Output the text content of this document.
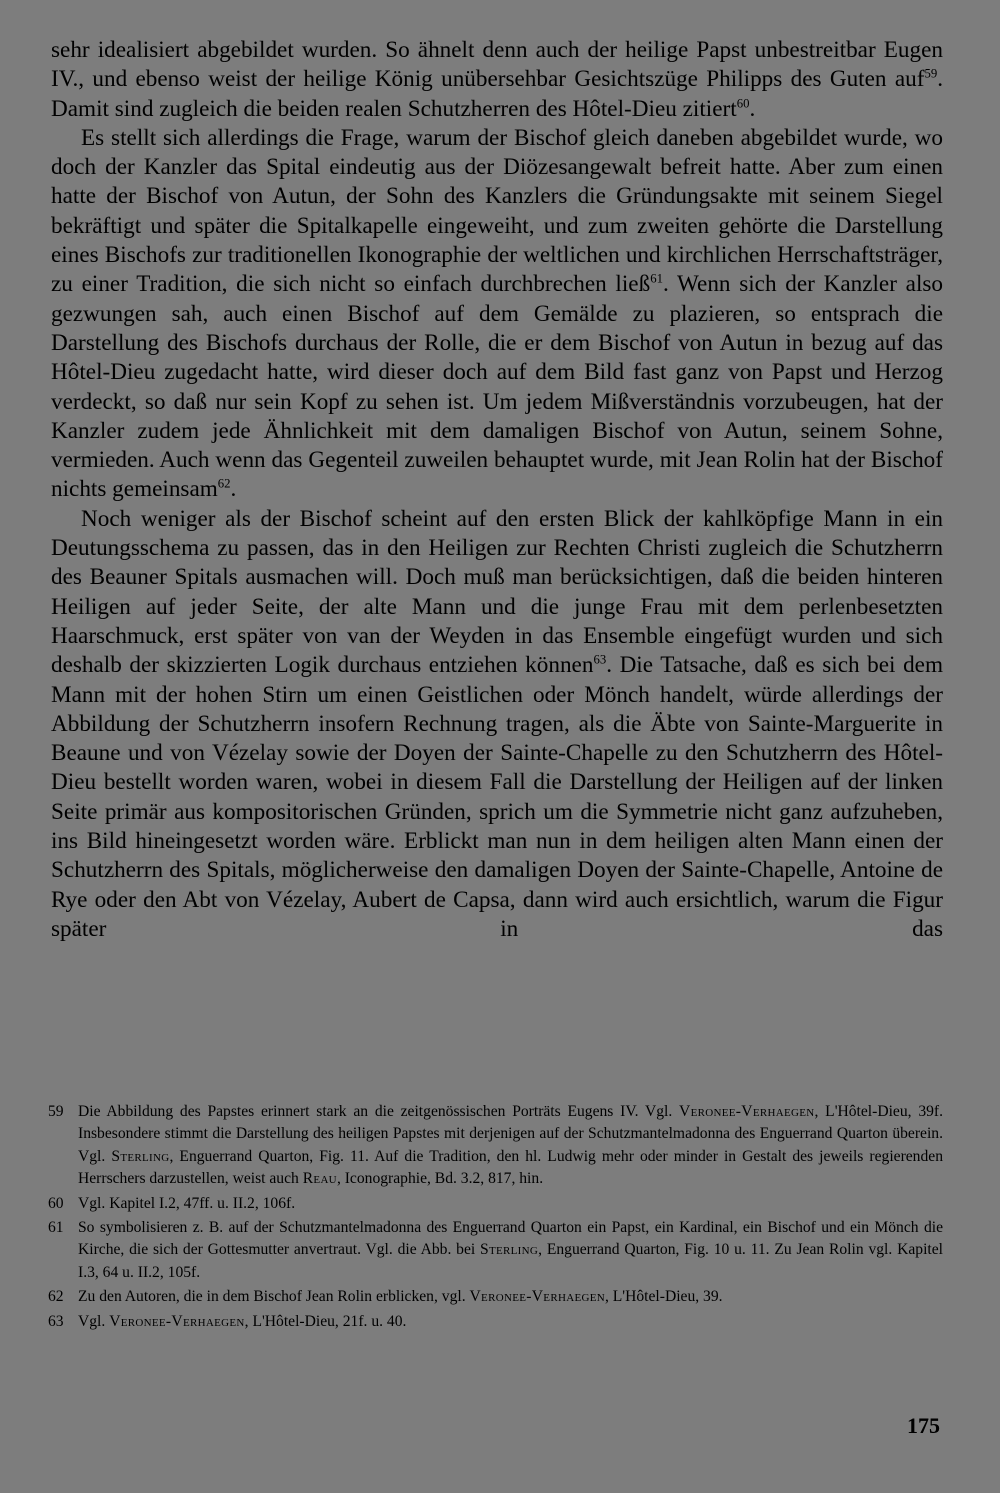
sehr idealisiert abgebildet wurden. So ähnelt denn auch der heilige Papst unbestreitbar Eugen IV., und ebenso weist der heilige König unübersehbar Gesichtszüge Philipps des Guten auf$^{59}$. Damit sind zugleich die beiden realen Schutzherren des Hôtel-Dieu zitiert$^{60}$.

Es stellt sich allerdings die Frage, warum der Bischof gleich daneben abgebildet wurde, wo doch der Kanzler das Spital eindeutig aus der Diözesangewalt befreit hatte. Aber zum einen hatte der Bischof von Autun, der Sohn des Kanzlers die Gründungsakte mit seinem Siegel bekräftigt und später die Spitalkapelle eingeweiht, und zum zweiten gehörte die Darstellung eines Bischofs zur traditionellen Ikonographie der weltlichen und kirchlichen Herrschaftsträger, zu einer Tradition, die sich nicht so einfach durchbrechen ließ$^{61}$. Wenn sich der Kanzler also gezwungen sah, auch einen Bischof auf dem Gemälde zu plazieren, so entsprach die Darstellung des Bischofs durchaus der Rolle, die er dem Bischof von Autun in bezug auf das Hôtel-Dieu zugedacht hatte, wird dieser doch auf dem Bild fast ganz von Papst und Herzog verdeckt, so daß nur sein Kopf zu sehen ist. Um jedem Mißverständnis vorzubeugen, hat der Kanzler zudem jede Ähnlichkeit mit dem damaligen Bischof von Autun, seinem Sohne, vermieden. Auch wenn das Gegenteil zuweilen behauptet wurde, mit Jean Rolin hat der Bischof nichts gemeinsam$^{62}$.

Noch weniger als der Bischof scheint auf den ersten Blick der kahlköpfige Mann in ein Deutungsschema zu passen, das in den Heiligen zur Rechten Christi zugleich die Schutzherrn des Beauner Spitals ausmachen will. Doch muß man berücksichtigen, daß die beiden hinteren Heiligen auf jeder Seite, der alte Mann und die junge Frau mit dem perlenbesetzten Haarschmuck, erst später von van der Weyden in das Ensemble eingefügt wurden und sich deshalb der skizzierten Logik durchaus entziehen können$^{63}$. Die Tatsache, daß es sich bei dem Mann mit der hohen Stirn um einen Geistlichen oder Mönch handelt, würde allerdings der Abbildung der Schutzherrn insofern Rechnung tragen, als die Äbte von Sainte-Marguerite in Beaune und von Vézelay sowie der Doyen der Sainte-Chapelle zu den Schutzherrn des Hôtel-Dieu bestellt worden waren, wobei in diesem Fall die Darstellung der Heiligen auf der linken Seite primär aus kompositorischen Gründen, sprich um die Symmetrie nicht ganz aufzuheben, ins Bild hineingesetzt worden wäre. Erblickt man nun in dem heiligen alten Mann einen der Schutzherrn des Spitals, möglicherweise den damaligen Doyen der Sainte-Chapelle, Antoine de Rye oder den Abt von Vézelay, Aubert de Capsa, dann wird auch ersichtlich, warum die Figur später in das

59 Die Abbildung des Papstes erinnert stark an die zeitgenössischen Porträts Eugens IV. Vgl. Veronee-Verhaegen, L'Hôtel-Dieu, 39f. Insbesondere stimmt die Darstellung des heiligen Papstes mit derjenigen auf der Schutzmantelmadonna des Enguerrand Quarton überein. Vgl. Sterling, Enguerrand Quarton, Fig. 11. Auf die Tradition, den hl. Ludwig mehr oder minder in Gestalt des jeweils regierenden Herrschers darzustellen, weist auch Reau, Iconographie, Bd. 3.2, 817, hin.
60 Vgl. Kapitel I.2, 47ff. u. II.2, 106f.
61 So symbolisieren z. B. auf der Schutzmantelmadonna des Enguerrand Quarton ein Papst, ein Kardinal, ein Bischof und ein Mönch die Kirche, die sich der Gottesmutter anvertraut. Vgl. die Abb. bei Sterling, Enguerrand Quarton, Fig. 10 u. 11. Zu Jean Rolin vgl. Kapitel I.3, 64 u. II.2, 105f.
62 Zu den Autoren, die in dem Bischof Jean Rolin erblicken, vgl. Veronee-Verhaegen, L'Hôtel-Dieu, 39.
63 Vgl. Veronee-Verhaegen, L'Hôtel-Dieu, 21f. u. 40.
175
